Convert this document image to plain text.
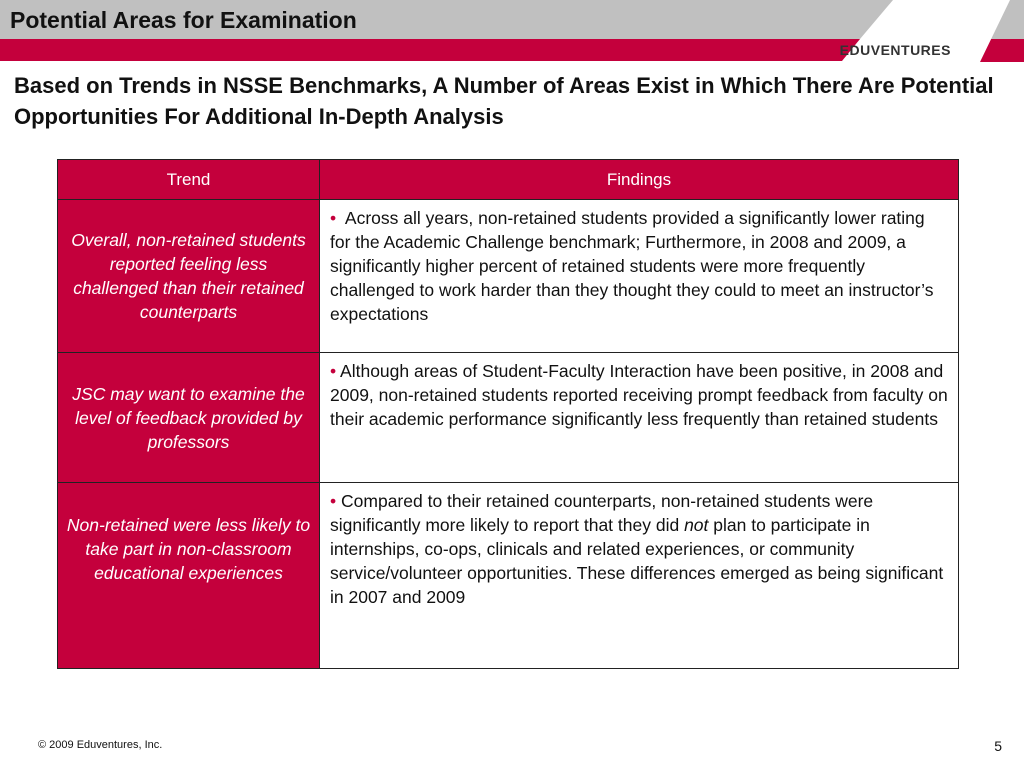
Potential Areas for Examination
≡ EDUVENTURES
Based on Trends in NSSE Benchmarks, A Number of Areas Exist in Which There Are Potential Opportunities For Additional In-Depth Analysis
Trend	Findings
Overall, non-retained students reported feeling less challenged than their retained counterparts	• Across all years, non-retained students provided a significantly lower rating for the Academic Challenge benchmark; Furthermore, in 2008 and 2009, a significantly higher percent of retained students were more frequently challenged to work harder than they thought they could to meet an instructor’s expectations
JSC may want to examine the level of feedback provided by professors	• Although areas of Student-Faculty Interaction have been positive, in 2008 and 2009, non-retained students reported receiving prompt feedback from faculty on their academic performance significantly less frequently than retained students
Non-retained were less likely to take part in non-classroom educational experiences	• Compared to their retained counterparts, non-retained students were significantly more likely to report that they did not plan to participate in internships, co-ops, clinicals and related experiences, or community service/volunteer opportunities. These differences emerged as being significant in 2007 and 2009
© 2009 Eduventures, Inc.	5
